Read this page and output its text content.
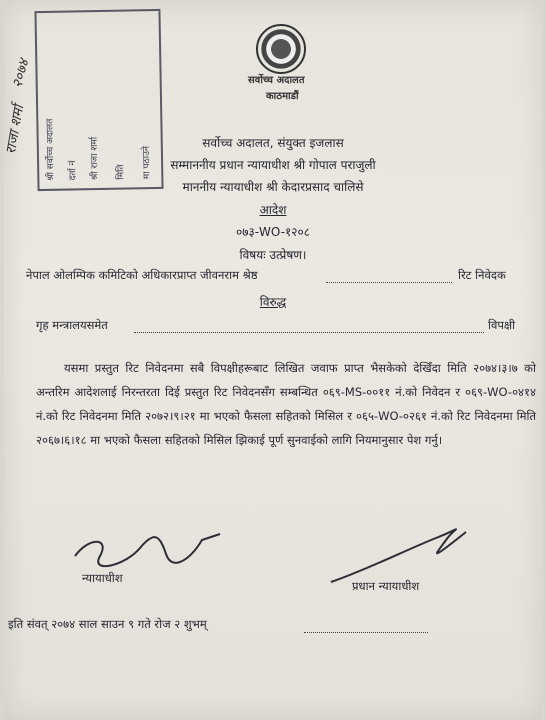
श्री सर्वोच्च अदालत	दर्ता नं	श्री राजा शर्मा	मिति	मा पठाउने
२०७४
राजा शर्मा
सर्वोच्च अदालत
काठमाडौं
सर्वोच्च अदालत, संयुक्त इजलास
सम्माननीय प्रधान न्यायाधीश श्री गोपाल पराजुली
माननीय न्यायाधीश श्री केदारप्रसाद चालिसे
आदेश
०७३-WO-१२०८
विषयः उत्प्रेषण।
नेपाल ओलम्पिक कमिटिको अधिकारप्राप्त जीवनराम श्रेष्ठ	रिट निवेदक
विरुद्ध
गृह मन्त्रालयसमेत	विपक्षी
यसमा प्रस्तुत रिट निवेदनमा सबै विपक्षीहरूबाट लिखित जवाफ प्राप्त भैसकेको देखिँदा मिति २०७४।३।७ को अन्तरिम आदेशलाई निरन्तरता दिई प्रस्तुत रिट निवेदनसँग सम्बन्धित ०६९-MS-००११ नं.को निवेदन र ०६९-WO-०४१४ नं.को रिट निवेदनमा मिति २०७२।९।२१ मा भएको फैसला सहितको मिसिल र ०६५-WO-०२६१ नं.को रिट निवेदनमा मिति २०६७।६।१८ मा भएको फैसला सहितको मिसिल झिकाई पूर्ण सुनवाईको लागि नियमानुसार पेश गर्नु।
न्यायाधीश
प्रधान न्यायाधीश
इति संवत् २०७४ साल साउन ९ गते रोज २ शुभम्
